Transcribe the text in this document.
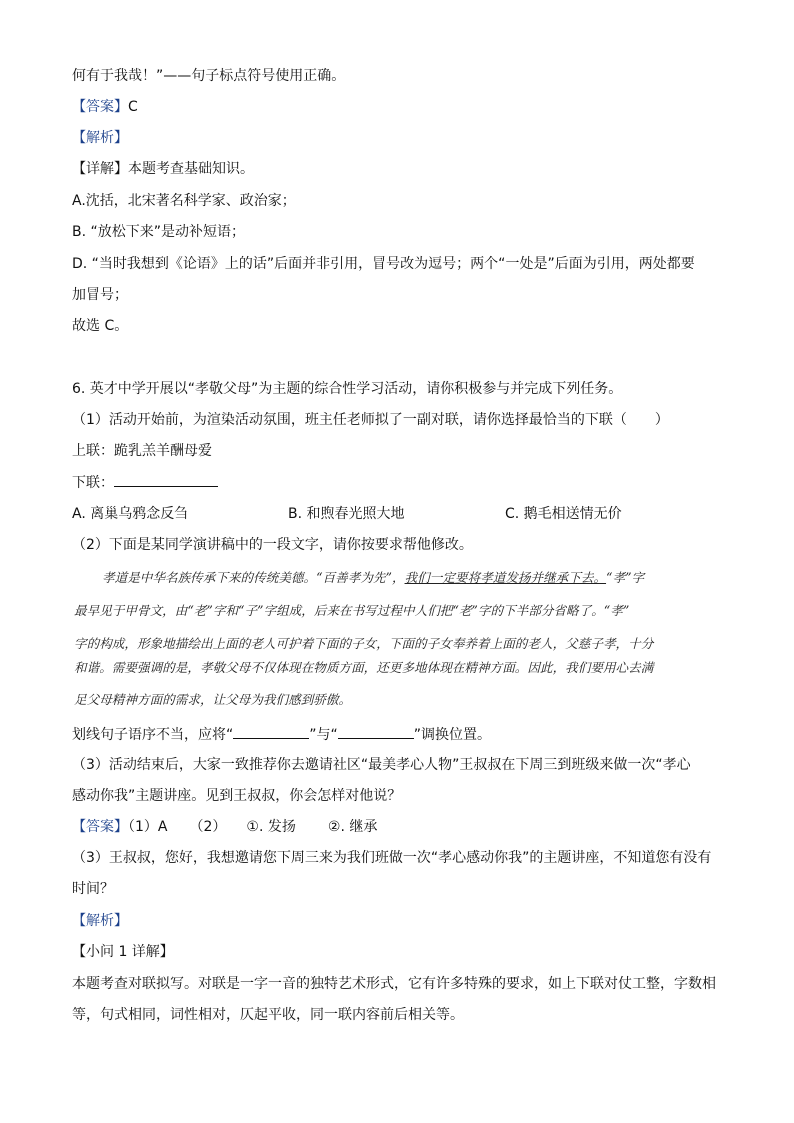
何有于我哉！”——句子标点符号使用正确。
【答案】C
【解析】
【详解】本题考查基础知识。
A.沈括，北宋著名科学家、政治家；
B. “放松下来”是动补短语；
D. “当时我想到《论语》上的话”后面并非引用，冒号改为逗号；两个“一处是”后面为引用，两处都要
加冒号；
故选 C。
6. 英才中学开展以“孝敬父母”为主题的综合性学习活动，请你积极参与并完成下列任务。
（1）活动开始前，为渲染活动氛围，班主任老师拟了一副对联，请你选择最恰当的下联（　　）
上联：跪乳羔羊酬母爱
下联：
A. 离巢乌鸦念反刍	B. 和煦春光照大地	C. 鹅毛相送情无价
（2）下面是某同学演讲稿中的一段文字，请你按要求帮他修改。
孝道是中华名族传承下来的传统美德。“百善孝为先”，我们一定要将孝道发扬并继承下去。“孝”字
最早见于甲骨文，由“老”字和“子”字组成，后来在书写过程中人们把“老”字的下半部分省略了。“孝”
字的构成，形象地描绘出上面的老人可护着下面的子女，下面的子女奉养着上面的老人，父慈子孝，十分
和谐。需要强调的是，孝敬父母不仅体现在物质方面，还更多地体现在精神方面。因此，我们要用心去满
足父母精神方面的需求，让父母为我们感到骄傲。
划线句子语序不当，应将“	”与“	”调换位置。
（3）活动结束后，大家一致推荐你去邀请社区“最美孝心人物”王叔叔在下周三到班级来做一次“孝心
感动你我”主题讲座。见到王叔叔，你会怎样对他说？
【答案】（1）A （2） ①. 发扬 ②. 继承
（3）王叔叔，您好，我想邀请您下周三来为我们班做一次“孝心感动你我”的主题讲座，不知道您有没有
时间？
【解析】
【小问 1 详解】
本题考查对联拟写。对联是一字一音的独特艺术形式，它有许多特殊的要求，如上下联对仗工整，字数相
等，句式相同，词性相对，仄起平收，同一联内容前后相关等。
